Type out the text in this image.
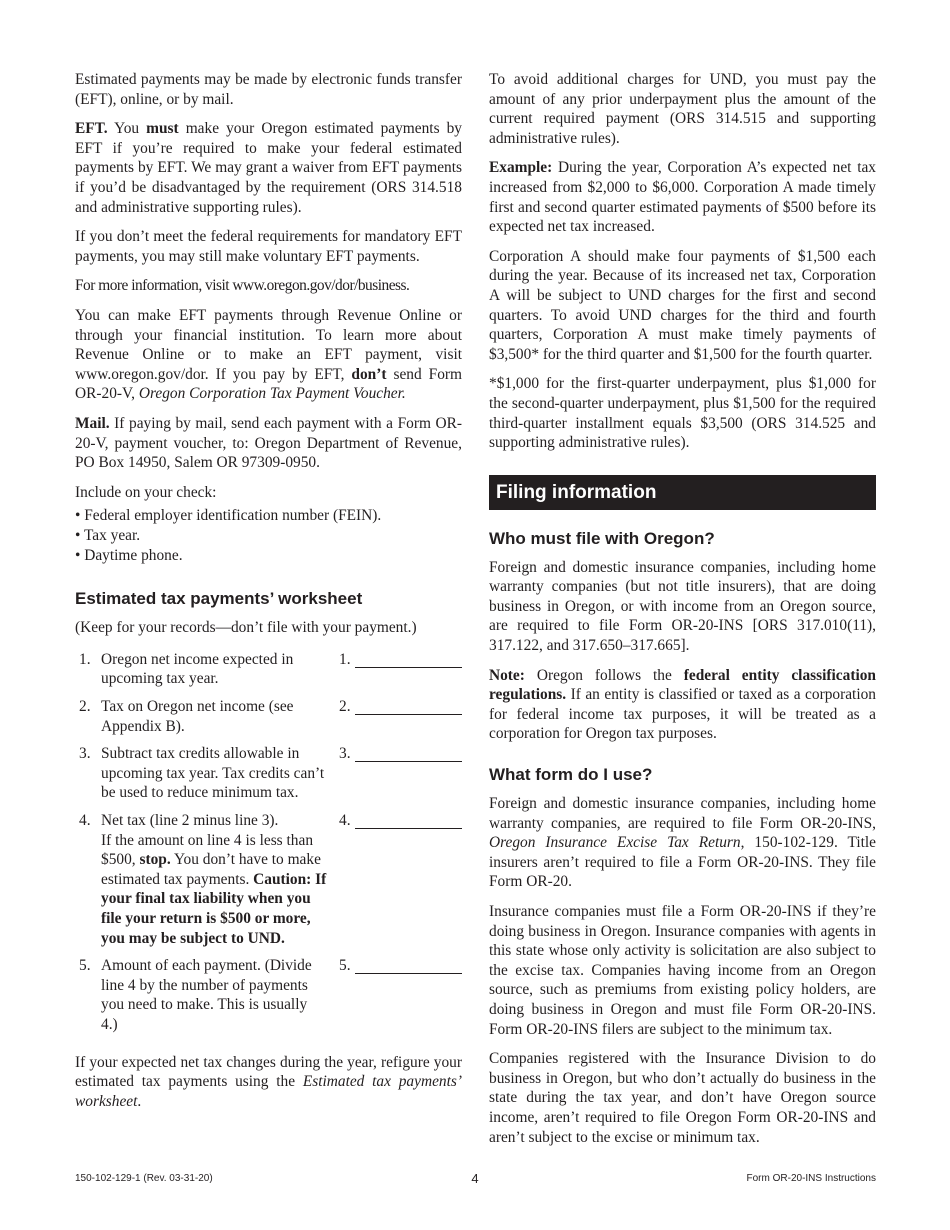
Estimated payments may be made by electronic funds transfer (EFT), online, or by mail.

EFT. You must make your Oregon estimated payments by EFT if you’re required to make your federal estimated payments by EFT. We may grant a waiver from EFT payments if you’d be disadvantaged by the requirement (ORS 314.518 and administrative supporting rules).

If you don’t meet the federal requirements for mandatory EFT payments, you may still make voluntary EFT payments.

For more information, visit www.oregon.gov/dor/business.

You can make EFT payments through Revenue Online or through your financial institution. To learn more about Revenue Online or to make an EFT payment, visit www.oregon.gov/dor. If you pay by EFT, don’t send Form OR-20-V, Oregon Corporation Tax Payment Voucher.

Mail. If paying by mail, send each payment with a Form OR-20-V, payment voucher, to: Oregon Department of Revenue, PO Box 14950, Salem OR 97309-0950.

Include on your check:

• Federal employer identification number (FEIN).
• Tax year.
• Daytime phone.
Estimated tax payments’ worksheet

(Keep for your records—don’t file with your payment.)

1. Oregon net income expected in upcoming tax year.
1.
2. Tax on Oregon net income (see Appendix B).
2.
3. Subtract tax credits allowable in upcoming tax year. Tax credits can’t be used to reduce minimum tax.
3.
4. Net tax (line 2 minus line 3).
If the amount on line 4 is less than $500, stop. You don’t have to make estimated tax payments. Caution: If your final tax liability when you file your return is $500 or more, you may be subject to UND.
4.
5. Amount of each payment. (Divide line 4 by the number of payments you need to make. This is usually 4.)
5.

If your expected net tax changes during the year, refigure your estimated tax payments using the Estimated tax payments’ worksheet.

To avoid additional charges for UND, you must pay the amount of any prior underpayment plus the amount of the current required payment (ORS 314.515 and supporting administrative rules).

Example: During the year, Corporation A’s expected net tax increased from $2,000 to $6,000. Corporation A made timely first and second quarter estimated payments of $500 before its expected net tax increased.

Corporation A should make four payments of $1,500 each during the year. Because of its increased net tax, Corporation A will be subject to UND charges for the first and second quarters. To avoid UND charges for the third and fourth quarters, Corporation A must make timely payments of $3,500* for the third quarter and $1,500 for the fourth quarter.

*$1,000 for the first-quarter underpayment, plus $1,000 for the second-quarter underpayment, plus $1,500 for the required third-quarter installment equals $3,500 (ORS 314.525 and supporting administrative rules).

Filing information
Who must file with Oregon?

Foreign and domestic insurance companies, including home warranty companies (but not title insurers), that are doing business in Oregon, or with income from an Oregon source, are required to file Form OR-20-INS [ORS 317.010(11), 317.122, and 317.650–317.665].

Note: Oregon follows the federal entity classification regulations. If an entity is classified or taxed as a corporation for federal income tax purposes, it will be treated as a corporation for Oregon tax purposes.

What form do I use?

Foreign and domestic insurance companies, including home warranty companies, are required to file Form OR-20-INS, Oregon Insurance Excise Tax Return, 150-102-129. Title insurers aren’t required to file a Form OR-20-INS. They file Form OR-20.

Insurance companies must file a Form OR-20-INS if they’re doing business in Oregon. Insurance companies with agents in this state whose only activity is solicitation are also subject to the excise tax. Companies having income from an Oregon source, such as premiums from existing policy holders, are doing business in Oregon and must file Form OR-20-INS. Form OR-20-INS filers are subject to the minimum tax.

Companies registered with the Insurance Division to do business in Oregon, but who don’t actually do business in the state during the tax year, and don’t have Oregon source income, aren’t required to file Oregon Form OR-20-INS and aren’t subject to the excise or minimum tax.

150-102-129-1 (Rev. 03-31-20)	4	Form OR-20-INS Instructions
